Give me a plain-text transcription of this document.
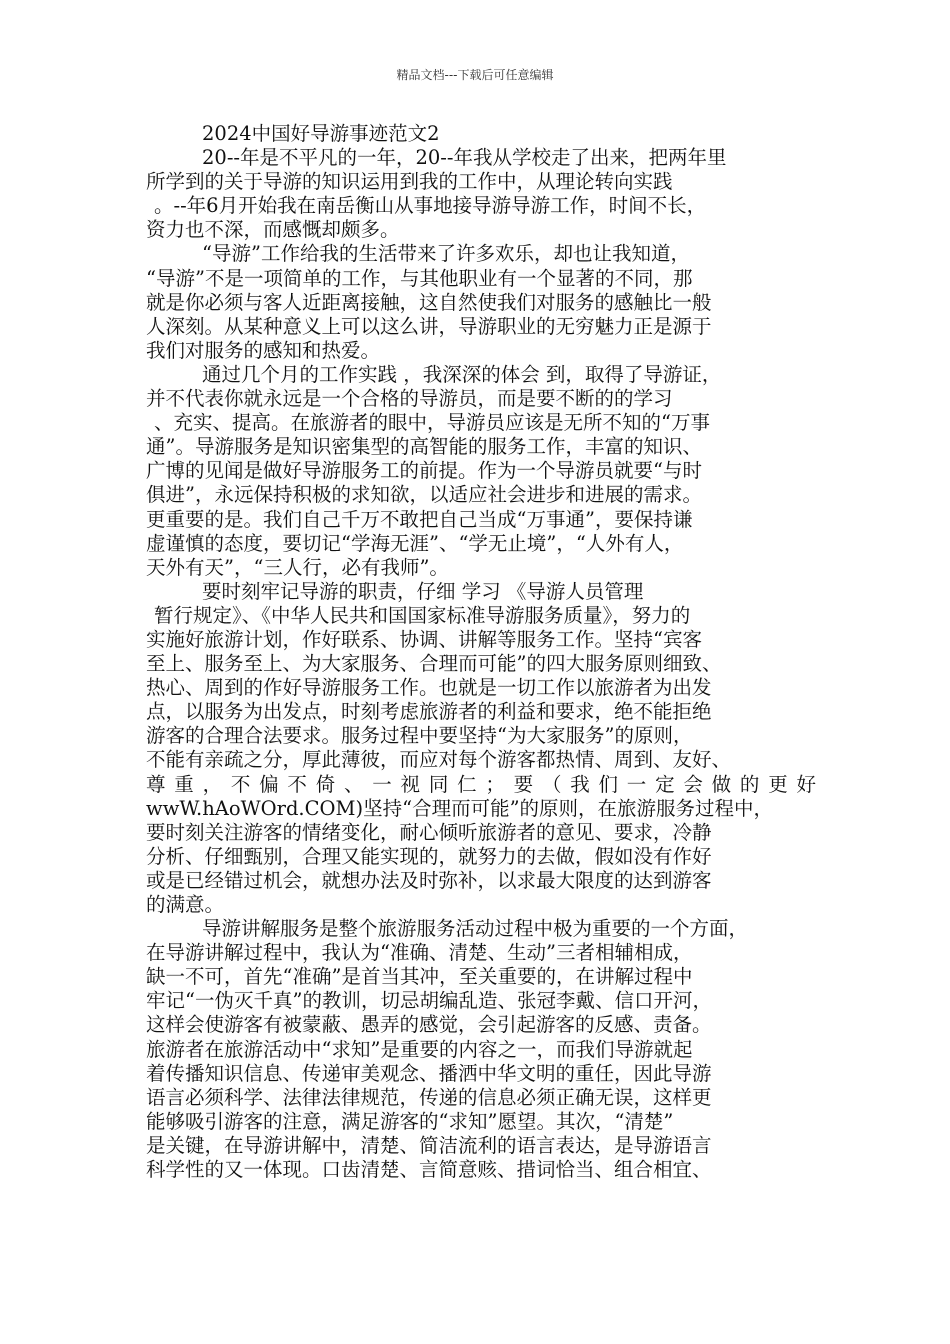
精品文档---下载后可任意编辑
2024中国好导游事迹范文2
20--年是不平凡的一年，20--年我从学校走了出来，把两年里
所学到的关于导游的知识运用到我的工作中，从理论转向实践
。--年6月开始我在南岳衡山从事地接导游导游工作，时间不长，
资力也不深，而感慨却颇多。
“导游”工作给我的生活带来了许多欢乐，却也让我知道，
“导游”不是一项简单的工作，与其他职业有一个显著的不同，那
就是你必须与客人近距离接触，这自然使我们对服务的感触比一般
人深刻。从某种意义上可以这么讲，导游职业的无穷魅力正是源于
我们对服务的感知和热爱。
通过几个月的工作实践 ，我深深的体会 到，取得了导游证，
并不代表你就永远是一个合格的导游员，而是要不断的的学习
、充实、提高。在旅游者的眼中，导游员应该是无所不知的“万事
通”。导游服务是知识密集型的高智能的服务工作，丰富的知识、
广博的见闻是做好导游服务工的前提。作为一个导游员就要“与时
俱进”，永远保持积极的求知欲，以适应社会进步和进展的需求。
更重要的是。我们自己千万不敢把自己当成“万事通”，要保持谦
虚谨慎的态度，要切记“学海无涯”、“学无止境”，“人外有人，
天外有天”，“三人行，必有我师”。
要时刻牢记导游的职责，仔细 学习 《导游人员管理
暂行规定》、《中华人民共和国国家标准导游服务质量》，努力的
实施好旅游计划，作好联系、协调、讲解等服务工作。坚持“宾客
至上、服务至上、为大家服务、合理而可能”的四大服务原则细致、
热心、周到的作好导游服务工作。也就是一切工作以旅游者为出发
点，以服务为出发点，时刻考虑旅游者的利益和要求，绝不能拒绝
游客的合理合法要求。服务过程中要坚持“为大家服务”的原则，
不能有亲疏之分，厚此薄彼，而应对每个游客都热情、周到、友好、
尊重，不偏不倚、一视同仁；要（我们一定会做的更好
wwW.hAoWOrd.COM)坚持“合理而可能”的原则，在旅游服务过程中，
要时刻关注游客的情绪变化，耐心倾听旅游者的意见、要求，冷静
分析、仔细甄别，合理又能实现的，就努力的去做，假如没有作好
或是已经错过机会，就想办法及时弥补，以求最大限度的达到游客
的满意。
导游讲解服务是整个旅游服务活动过程中极为重要的一个方面，
在导游讲解过程中，我认为“准确、清楚、生动”三者相辅相成，
缺一不可，首先“准确”是首当其冲，至关重要的，在讲解过程中
牢记“一伪灭千真”的教训，切忌胡编乱造、张冠李戴、信口开河，
这样会使游客有被蒙蔽、愚弄的感觉，会引起游客的反感、责备。
旅游者在旅游活动中“求知”是重要的内容之一，而我们导游就起
着传播知识信息、传递审美观念、播洒中华文明的重任，因此导游
语言必须科学、法律法律规范，传递的信息必须正确无误，这样更
能够吸引游客的注意，满足游客的“求知”愿望。其次，“清楚”
是关键，在导游讲解中，清楚、简洁流利的语言表达，是导游语言
科学性的又一体现。口齿清楚、言简意赅、措词恰当、组合相宜、
